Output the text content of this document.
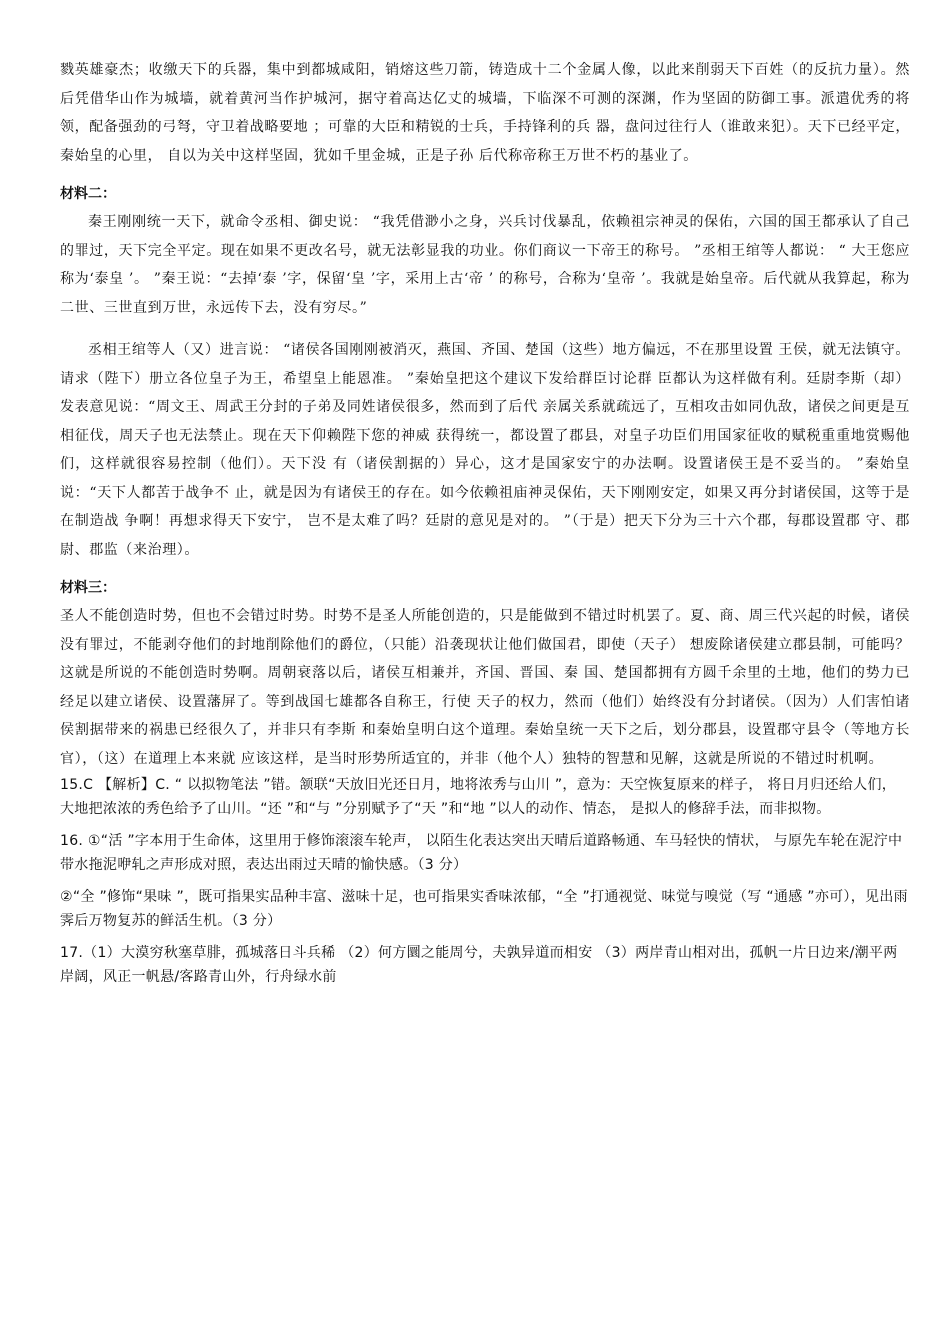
戮英雄豪杰；收缴天下的兵器，集中到都城咸阳，销熔这些刀箭，铸造成十二个金属人像，以此来削弱天下百姓（的反抗力量）。然后凭借华山作为城墙，就着黄河当作护城河，据守着高达亿丈的城墙，下临深不可测的深渊，作为坚固的防御工事。派遣优秀的将领，配备强劲的弓弩，守卫着战略要地 ；可靠的大臣和精锐的士兵，手持锋利的兵 器，盘问过往行人（谁敢来犯）。天下已经平定，秦始皇的心里， 自以为关中这样坚固，犹如千里金城，正是子孙 后代称帝称王万世不朽的基业了。

材料二：

秦王刚刚统一天下，就命令丞相、御史说： “我凭借渺小之身，兴兵讨伐暴乱，依赖祖宗神灵的保佑，六国的国王都承认了自己的罪过，天下完全平定。现在如果不更改名号，就无法彰显我的功业。你们商议一下帝王的称号。 ”丞相王绾等人都说： “ 大王您应称为‘泰皇 ’。 ”秦王说：“去掉‘泰 ’字，保留‘皇 ’字，采用上古‘帝 ’ 的称号，合称为‘皇帝 ’。我就是始皇帝。后代就从我算起，称为二世、三世直到万世，永远传下去，没有穷尽。”

丞相王绾等人（又）进言说： “诸侯各国刚刚被消灭，燕国、齐国、楚国（这些）地方偏远，不在那里设置 王侯，就无法镇守。请求（陛下）册立各位皇子为王，希望皇上能恩准。 ”秦始皇把这个建议下发给群臣讨论群 臣都认为这样做有利。廷尉李斯（却）发表意见说：“周文王、周武王分封的子弟及同姓诸侯很多，然而到了后代 亲属关系就疏远了，互相攻击如同仇敌，诸侯之间更是互相征伐，周天子也无法禁止。现在天下仰赖陛下您的神威 获得统一，都设置了郡县，对皇子功臣们用国家征收的赋税重重地赏赐他们，这样就很容易控制（他们）。天下没 有（诸侯割据的）异心，这才是国家安宁的办法啊。设置诸侯王是不妥当的。 ”秦始皇说：“天下人都苦于战争不 止，就是因为有诸侯王的存在。如今依赖祖庙神灵保佑，天下刚刚安定，如果又再分封诸侯国，这等于是在制造战 争啊！再想求得天下安宁， 岂不是太难了吗？廷尉的意见是对的。 ”（于是）把天下分为三十六个郡，每郡设置郡 守、郡尉、郡监（来治理）。

材料三：

圣人不能创造时势，但也不会错过时势。时势不是圣人所能创造的，只是能做到不错过时机罢了。夏、商、周三代兴起的时候，诸侯没有罪过，不能剥夺他们的封地削除他们的爵位，（只能）沿袭现状让他们做国君，即使（天子） 想废除诸侯建立郡县制，可能吗？这就是所说的不能创造时势啊。周朝衰落以后，诸侯互相兼并，齐国、晋国、秦 国、楚国都拥有方圆千余里的土地，他们的势力已经足以建立诸侯、设置藩屏了。等到战国七雄都各自称王，行使 天子的权力，然而（他们）始终没有分封诸侯。（因为）人们害怕诸侯割据带来的祸患已经很久了，并非只有李斯 和秦始皇明白这个道理。秦始皇统一天下之后，划分郡县，设置郡守县令（等地方长官），（这）在道理上本来就 应该这样，是当时形势所适宜的，并非（他个人）独特的智慧和见解，这就是所说的不错过时机啊。

15.C 【解析】C. “ 以拟物笔法 ”错。颔联“天放旧光还日月，地将浓秀与山川 ”，意为：天空恢复原来的样子， 将日月归还给人们，大地把浓浓的秀色给予了山川。“还 ”和“与 ”分别赋予了“天 ”和“地 ”以人的动作、情态， 是拟人的修辞手法，而非拟物。

16. ①“活 ”字本用于生命体，这里用于修饰滚滚车轮声， 以陌生化表达突出天晴后道路畅通、车马轻快的情状， 与原先车轮在泥泞中带水拖泥咿轧之声形成对照，表达出雨过天晴的愉快感。（3 分）

②“全 ”修饰“果味 ”，既可指果实品种丰富、滋味十足，也可指果实香味浓郁，“全 ”打通视觉、味觉与嗅觉（写 “通感 ”亦可），见出雨霁后万物复苏的鲜活生机。（3 分）

17.（1）大漠穷秋塞草腓，孤城落日斗兵稀 （2）何方圜之能周兮，夫孰异道而相安 （3）两岸青山相对出，孤帆一片日边来/潮平两岸阔，风正一帆悬/客路青山外，行舟绿水前
